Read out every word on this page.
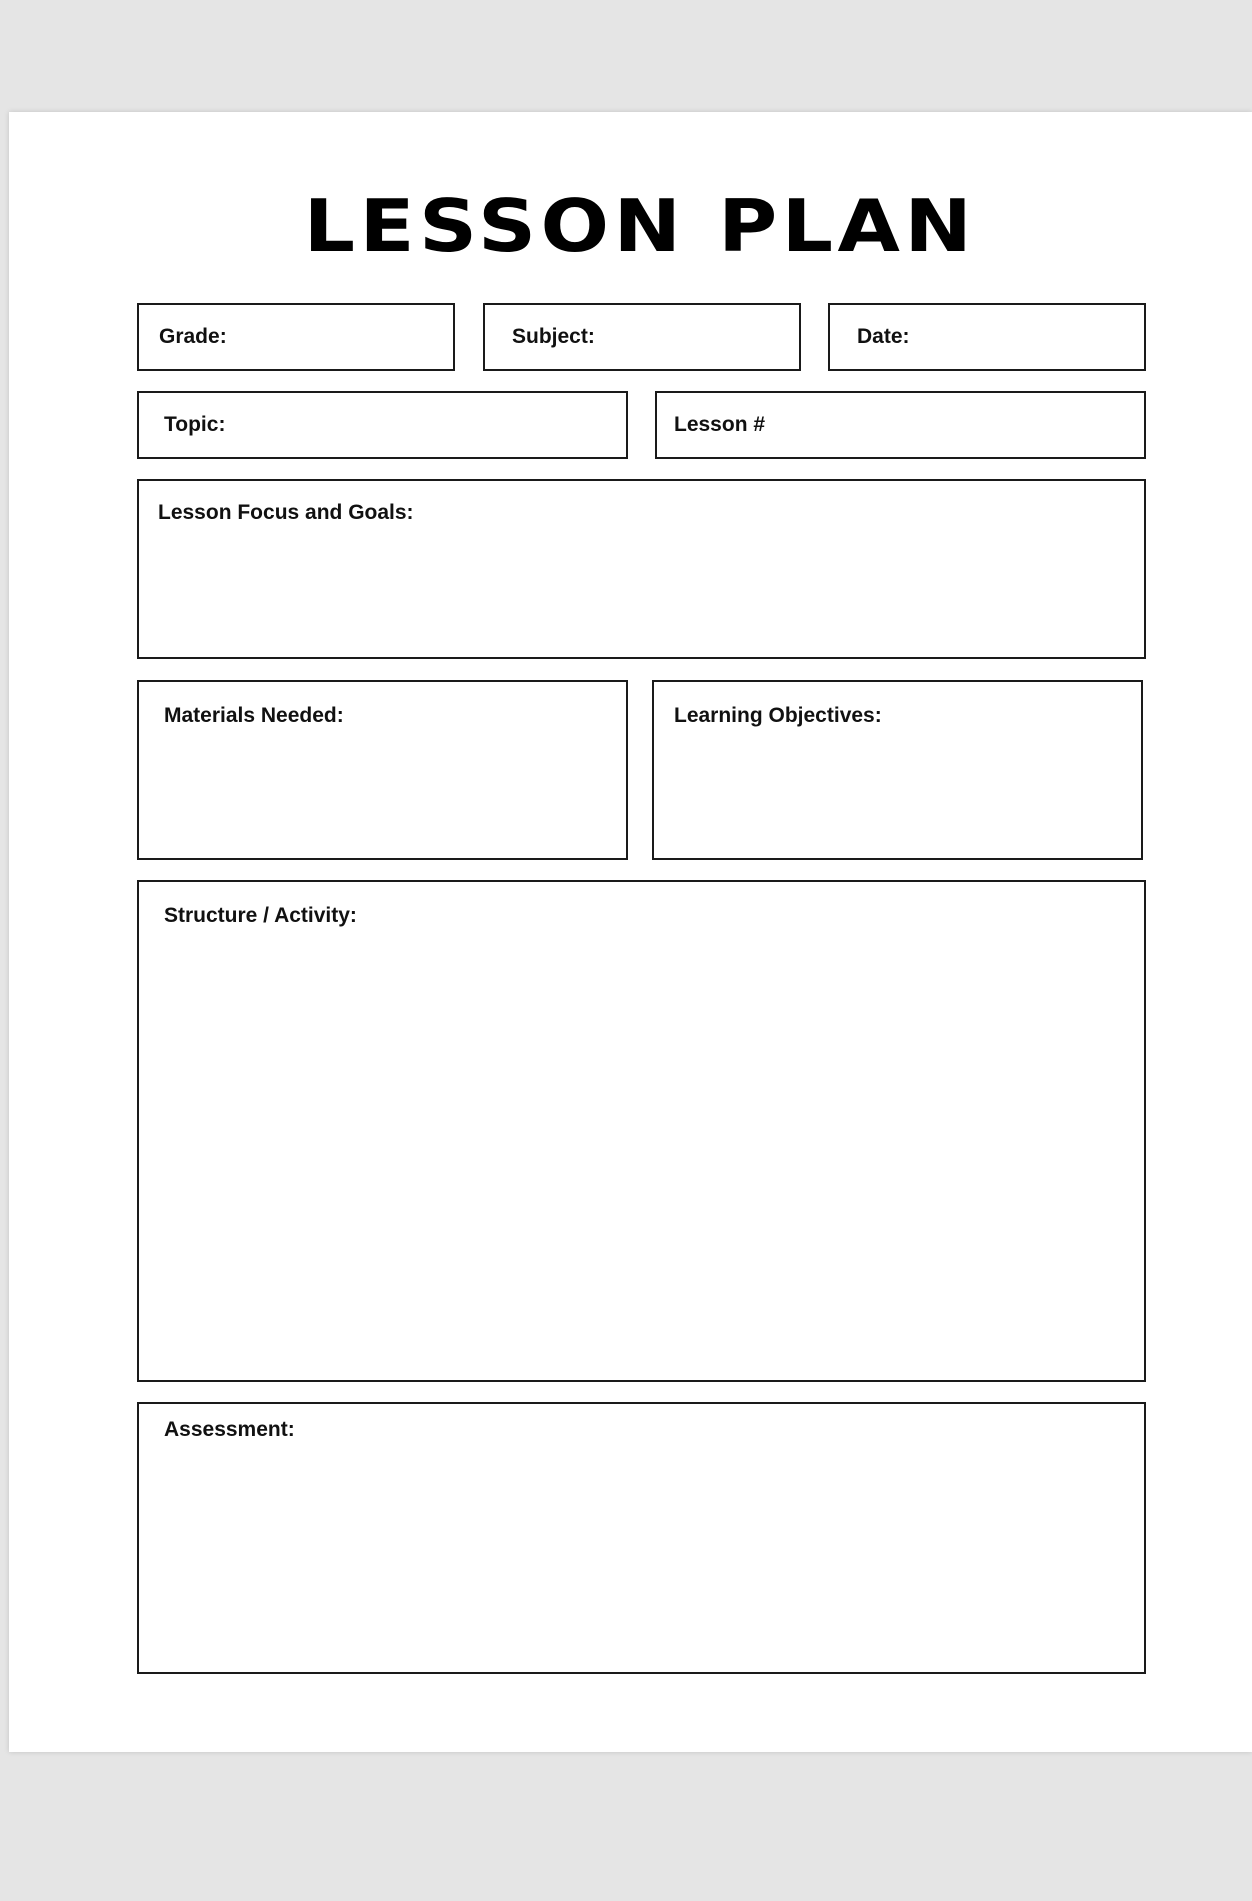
LESSON PLAN
Grade:	Subject:	Date:
Topic:	Lesson #
Lesson Focus and Goals:
Materials Needed:	Learning Objectives:
Structure / Activity:
Assessment:
